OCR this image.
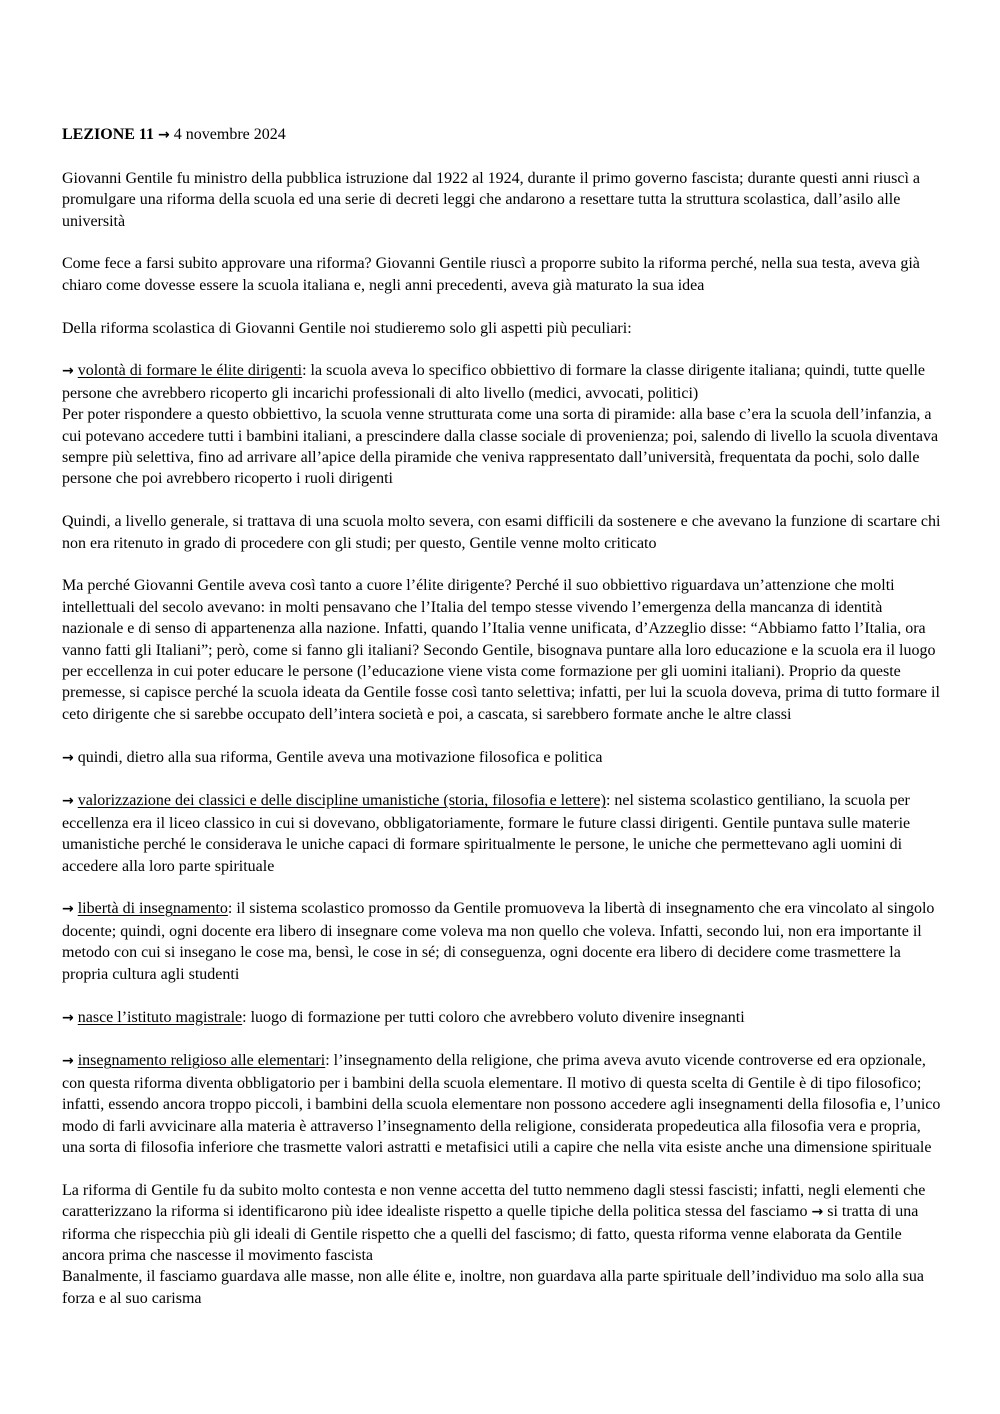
LEZIONE 11 → 4 novembre 2024

Giovanni Gentile fu ministro della pubblica istruzione dal 1922 al 1924, durante il primo governo fascista; durante questi anni riuscì a promulgare una riforma della scuola ed una serie di decreti leggi che andarono a resettare tutta la struttura scolastica, dall’asilo alle università

Come fece a farsi subito approvare una riforma? Giovanni Gentile riuscì a proporre subito la riforma perché, nella sua testa, aveva già chiaro come dovesse essere la scuola italiana e, negli anni precedenti, aveva già maturato la sua idea

Della riforma scolastica di Giovanni Gentile noi studieremo solo gli aspetti più peculiari:

→ volontà di formare le élite dirigenti: la scuola aveva lo specifico obbiettivo di formare la classe dirigente italiana; quindi, tutte quelle persone che avrebbero ricoperto gli incarichi professionali di alto livello (medici, avvocati, politici)

Per poter rispondere a questo obbiettivo, la scuola venne strutturata come una sorta di piramide: alla base c’era la scuola dell’infanzia, a cui potevano accedere tutti i bambini italiani, a prescindere dalla classe sociale di provenienza; poi, salendo di livello la scuola diventava sempre più selettiva, fino ad arrivare all’apice della piramide che veniva rappresentato dall’università, frequentata da pochi, solo dalle persone che poi avrebbero ricoperto i ruoli dirigenti

Quindi, a livello generale, si trattava di una scuola molto severa, con esami difficili da sostenere e che avevano la funzione di scartare chi non era ritenuto in grado di procedere con gli studi; per questo, Gentile venne molto criticato

Ma perché Giovanni Gentile aveva così tanto a cuore l’élite dirigente? Perché il suo obbiettivo riguardava un’attenzione che molti intellettuali del secolo avevano: in molti pensavano che l’Italia del tempo stesse vivendo l’emergenza della mancanza di identità nazionale e di senso di appartenenza alla nazione. Infatti, quando l’Italia venne unificata, d’Azzeglio disse: “Abbiamo fatto l’Italia, ora vanno fatti gli Italiani”; però, come si fanno gli italiani? Secondo Gentile, bisognava puntare alla loro educazione e la scuola era il luogo per eccellenza in cui poter educare le persone (l’educazione viene vista come formazione per gli uomini italiani). Proprio da queste premesse, si capisce perché la scuola ideata da Gentile fosse così tanto selettiva; infatti, per lui la scuola doveva, prima di tutto formare il ceto dirigente che si sarebbe occupato dell’intera società e poi, a cascata, si sarebbero formate anche le altre classi

→ quindi, dietro alla sua riforma, Gentile aveva una motivazione filosofica e politica

→ valorizzazione dei classici e delle discipline umanistiche (storia, filosofia e lettere): nel sistema scolastico gentiliano, la scuola per eccellenza era il liceo classico in cui si dovevano, obbligatoriamente, formare le future classi dirigenti. Gentile puntava sulle materie umanistiche perché le considerava le uniche capaci di formare spiritualmente le persone, le uniche che permettevano agli uomini di accedere alla loro parte spirituale

→ libertà di insegnamento: il sistema scolastico promosso da Gentile promuoveva la libertà di insegnamento che era vincolato al singolo docente; quindi, ogni docente era libero di insegnare come voleva ma non quello che voleva. Infatti, secondo lui, non era importante il metodo con cui si insegano le cose ma, bensì, le cose in sé; di conseguenza, ogni docente era libero di decidere come trasmettere la propria cultura agli studenti

→ nasce l’istituto magistrale: luogo di formazione per tutti coloro che avrebbero voluto divenire insegnanti

→ insegnamento religioso alle elementari: l’insegnamento della religione, che prima aveva avuto vicende controverse ed era opzionale, con questa riforma diventa obbligatorio per i bambini della scuola elementare. Il motivo di questa scelta di Gentile è di tipo filosofico; infatti, essendo ancora troppo piccoli, i bambini della scuola elementare non possono accedere agli insegnamenti della filosofia e, l’unico modo di farli avvicinare alla materia è attraverso l’insegnamento della religione, considerata propedeutica alla filosofia vera e propria, una sorta di filosofia inferiore che trasmette valori astratti e metafisici utili a capire che nella vita esiste anche una dimensione spirituale

La riforma di Gentile fu da subito molto contesta e non venne accetta del tutto nemmeno dagli stessi fascisti; infatti, negli elementi che caratterizzano la riforma si identificarono più idee idealiste rispetto a quelle tipiche della politica stessa del fasciamo → si tratta di una riforma che rispecchia più gli ideali di Gentile rispetto che a quelli del fascismo; di fatto, questa riforma venne elaborata da Gentile ancora prima che nascesse il movimento fascista

Banalmente, il fasciamo guardava alle masse, non alle élite e, inoltre, non guardava alla parte spirituale dell’individuo ma solo alla sua forza e al suo carisma
